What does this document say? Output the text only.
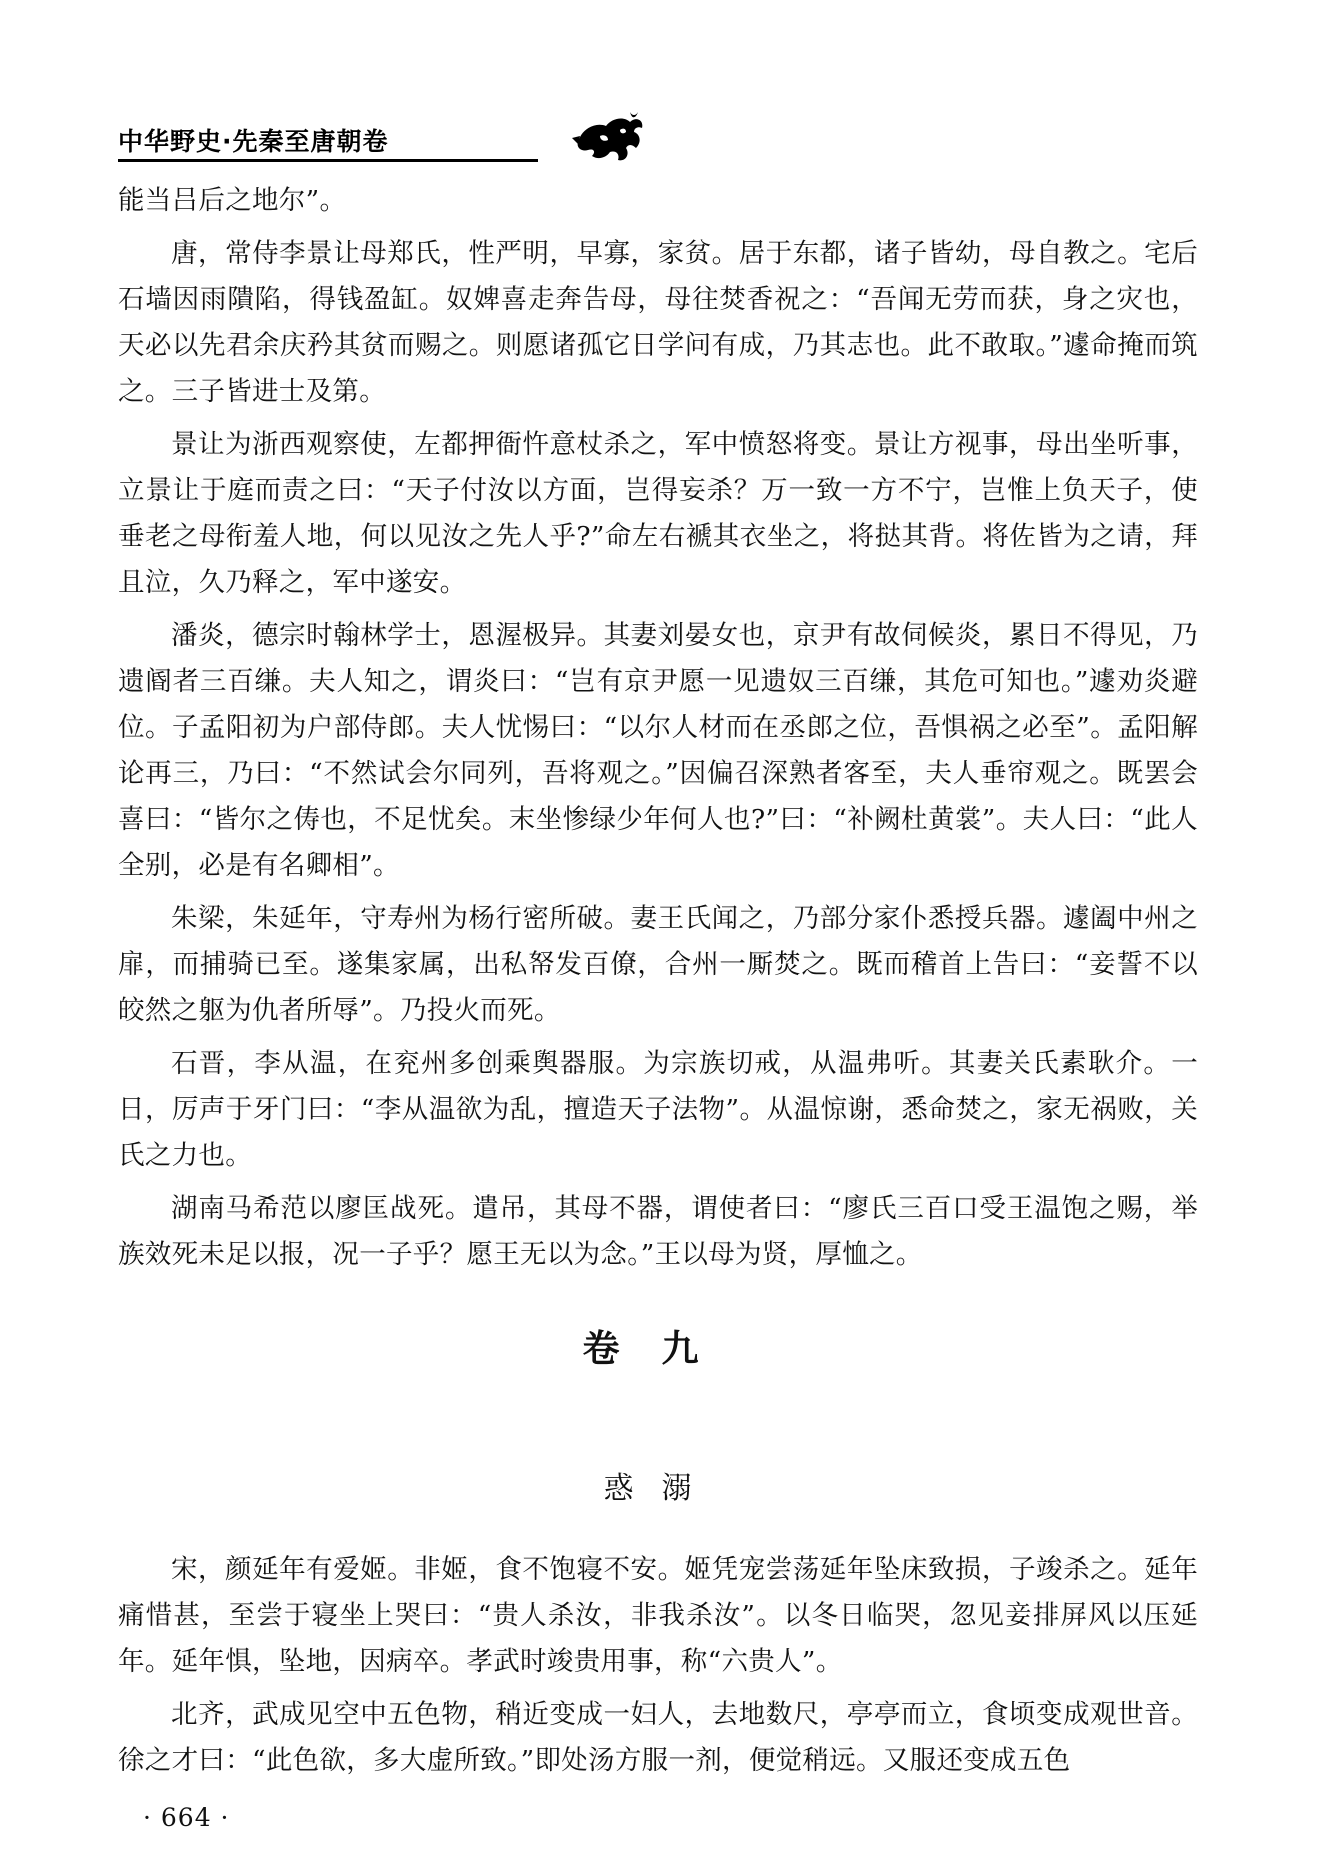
中华野史·先秦至唐朝卷

能当吕后之地尔”。

唐，常侍李景让母郑氏，性严明，早寡，家贫。居于东都，诸子皆幼，母自教之。宅后石墙因雨隤陷，得钱盈缸。奴婢喜走奔告母，母往焚香祝之：“吾闻无劳而获，身之灾也，天必以先君余庆矜其贫而赐之。则愿诸孤它日学问有成，乃其志也。此不敢取。”遽命掩而筑之。三子皆进士及第。

景让为浙西观察使，左都押衙忤意杖杀之，军中愤怒将变。景让方视事，母出坐听事，立景让于庭而责之曰：“天子付汝以方面，岂得妄杀？万一致一方不宁，岂惟上负天子，使垂老之母衔羞人地，何以见汝之先人乎?”命左右褫其衣坐之，将挞其背。将佐皆为之请，拜且泣，久乃释之，军中遂安。

潘炎，德宗时翰林学士，恩渥极异。其妻刘晏女也，京尹有故伺候炎，累日不得见，乃遗阍者三百缣。夫人知之，谓炎曰：“岂有京尹愿一见遗奴三百缣，其危可知也。”遽劝炎避位。子孟阳初为户部侍郎。夫人忧惕曰：“以尔人材而在丞郎之位，吾惧祸之必至”。孟阳解论再三，乃曰：“不然试会尔同列，吾将观之。”因偏召深熟者客至，夫人垂帘观之。既罢会喜曰：“皆尔之俦也，不足忧矣。末坐惨绿少年何人也?”曰：“补阙杜黄裳”。夫人曰：“此人全别，必是有名卿相”。

朱梁，朱延年，守寿州为杨行密所破。妻王氏闻之，乃部分家仆悉授兵器。遽阖中州之扉，而捕骑已至。遂集家属，出私帑发百僚，合州一厮焚之。既而稽首上告曰：“妾誓不以皎然之躯为仇者所辱”。乃投火而死。

石晋，李从温，在兖州多创乘舆器服。为宗族切戒，从温弗听。其妻关氏素耿介。一日，厉声于牙门曰：“李从温欲为乱，擅造天子法物”。从温惊谢，悉命焚之，家无祸败，关氏之力也。

湖南马希范以廖匡战死。遣吊，其母不器，谓使者曰：“廖氏三百口受王温饱之赐，举族效死未足以报，况一子乎？愿王无以为念。”王以母为贤，厚恤之。

卷九
惑溺

宋，颜延年有爱姬。非姬，食不饱寝不安。姬凭宠尝荡延年坠床致损，子竣杀之。延年痛惜甚，至尝于寝坐上哭曰：“贵人杀汝，非我杀汝”。以冬日临哭，忽见妾排屏风以压延年。延年惧，坠地，因病卒。孝武时竣贵用事，称“六贵人”。

北齐，武成见空中五色物，稍近变成一妇人，去地数尺，亭亭而立，食顷变成观世音。徐之才曰：“此色欲，多大虚所致。”即处汤方服一剂，便觉稍远。又服还变成五色

· 664 ·
